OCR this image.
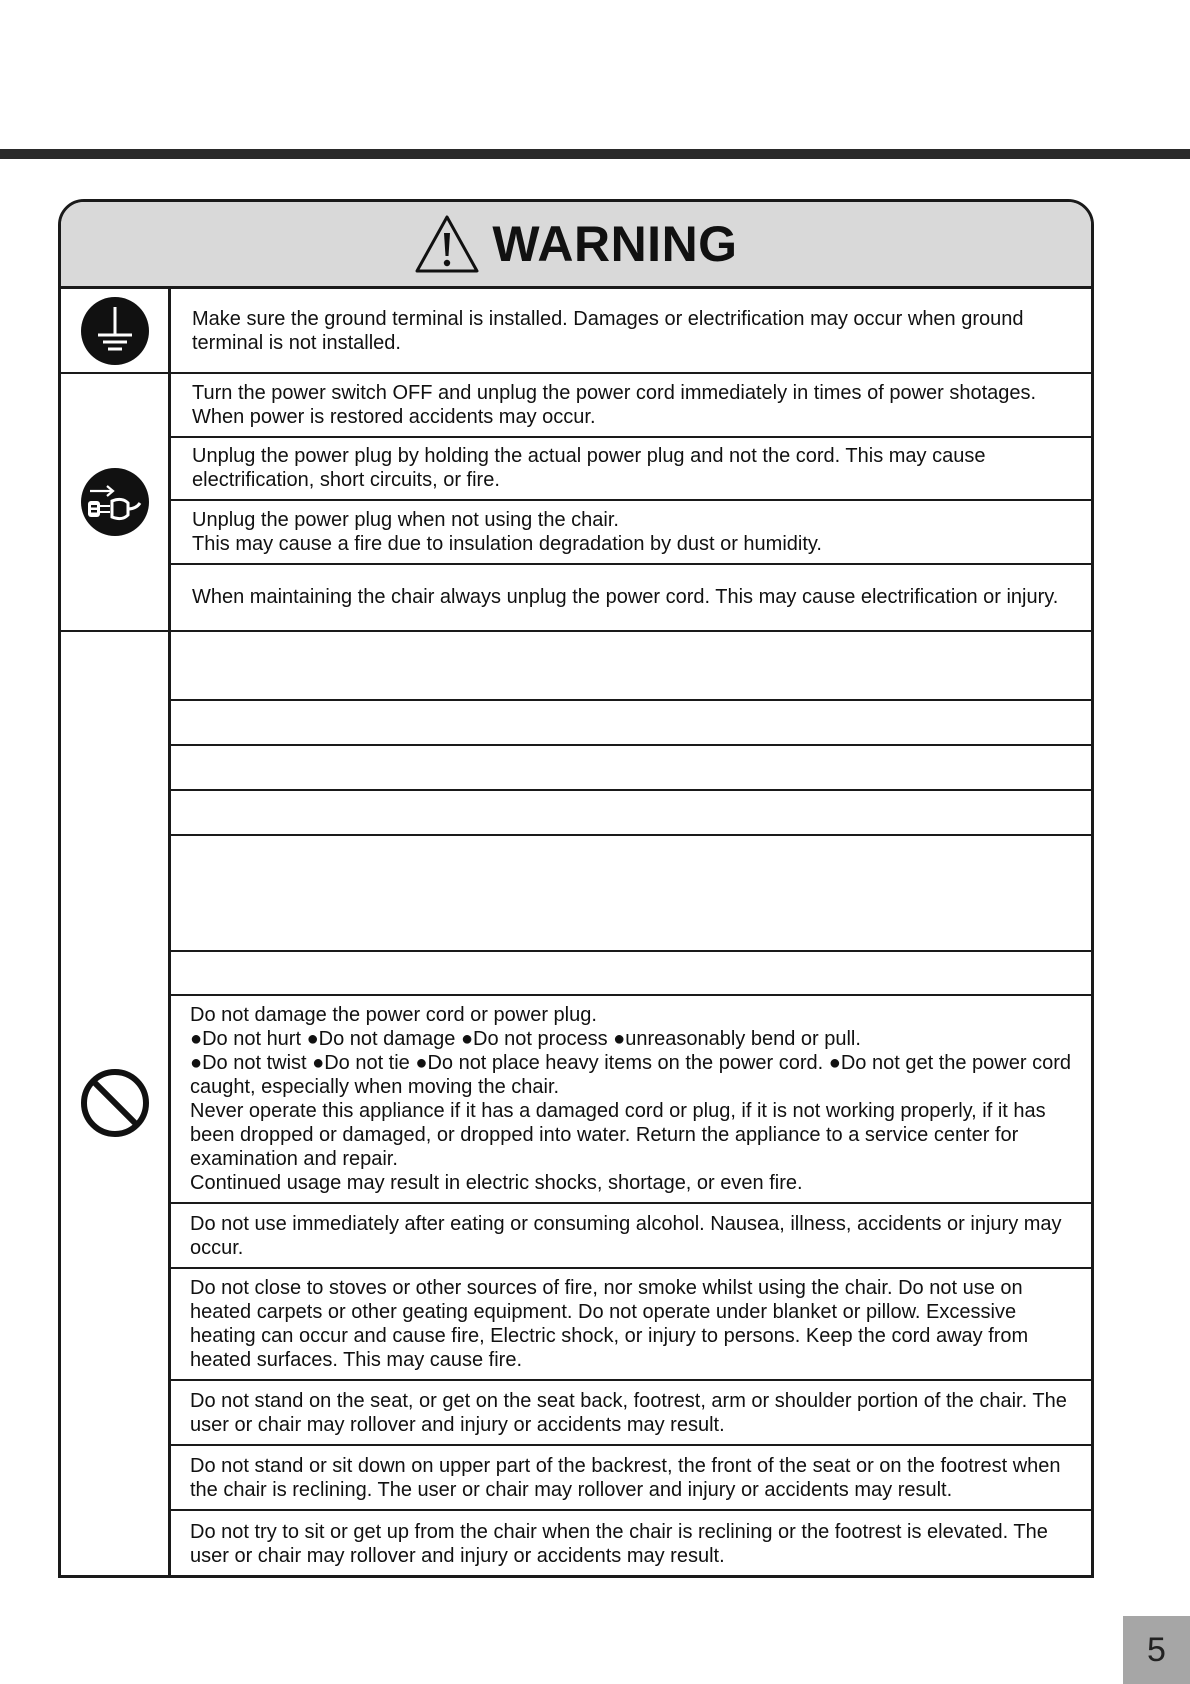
WARNING
Make sure the ground terminal is installed. Damages or electrification may occur when ground terminal is not installed.
Turn the power switch OFF and unplug the power cord immediately in times of power shotages. When power is restored accidents may occur.
Unplug the power plug by holding the actual power plug and not the cord. This may cause electrification, short circuits, or fire.
Unplug the power plug when not using the chair.
This may cause a fire due to insulation degradation by dust or humidity.
When maintaining the chair always unplug the power cord. This may cause electrification or injury.
Do not damage the power cord or power plug.
●Do not hurt ●Do not damage ●Do not process ●unreasonably bend or pull.
●Do not twist ●Do not tie ●Do not place heavy items on the power cord. ●Do not get the power cord caught, especially when moving the chair.
Never operate this appliance if it has a damaged cord or plug, if it is not working properly, if it has been dropped or damaged, or dropped into water. Return the appliance to a service center for examination and repair.
Continued usage may result in electric shocks, shortage, or even fire.
Do not use immediately after eating or consuming alcohol. Nausea, illness, accidents or injury may occur.
Do not close to stoves or other sources of fire, nor smoke whilst using the chair. Do not use on heated carpets or other geating equipment. Do not operate under blanket or pillow. Excessive heating can occur and cause fire, Electric shock, or injury to persons. Keep the cord away from heated surfaces. This may cause fire.
Do not stand on the seat, or get on the seat back, footrest, arm or shoulder portion of the chair. The user or chair may rollover and injury or accidents may result.
Do not stand or sit down on upper part of the backrest, the front of the seat or on the footrest when the chair is reclining. The user or chair may rollover and injury or accidents may result.
Do not try to sit or get up from the chair when the chair is reclining or the footrest is elevated. The user or chair may rollover and injury or accidents may result.
5
